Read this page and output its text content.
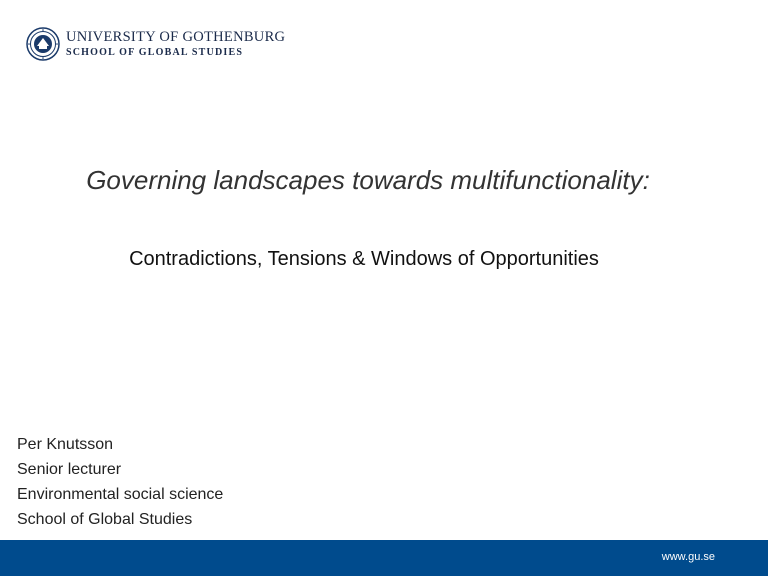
UNIVERSITY OF GOTHENBURG
SCHOOL OF GLOBAL STUDIES
Governing landscapes towards multifunctionality:
Contradictions, Tensions & Windows of Opportunities
Per Knutsson
Senior lecturer
Environmental social science
School of Global Studies
www.gu.se
